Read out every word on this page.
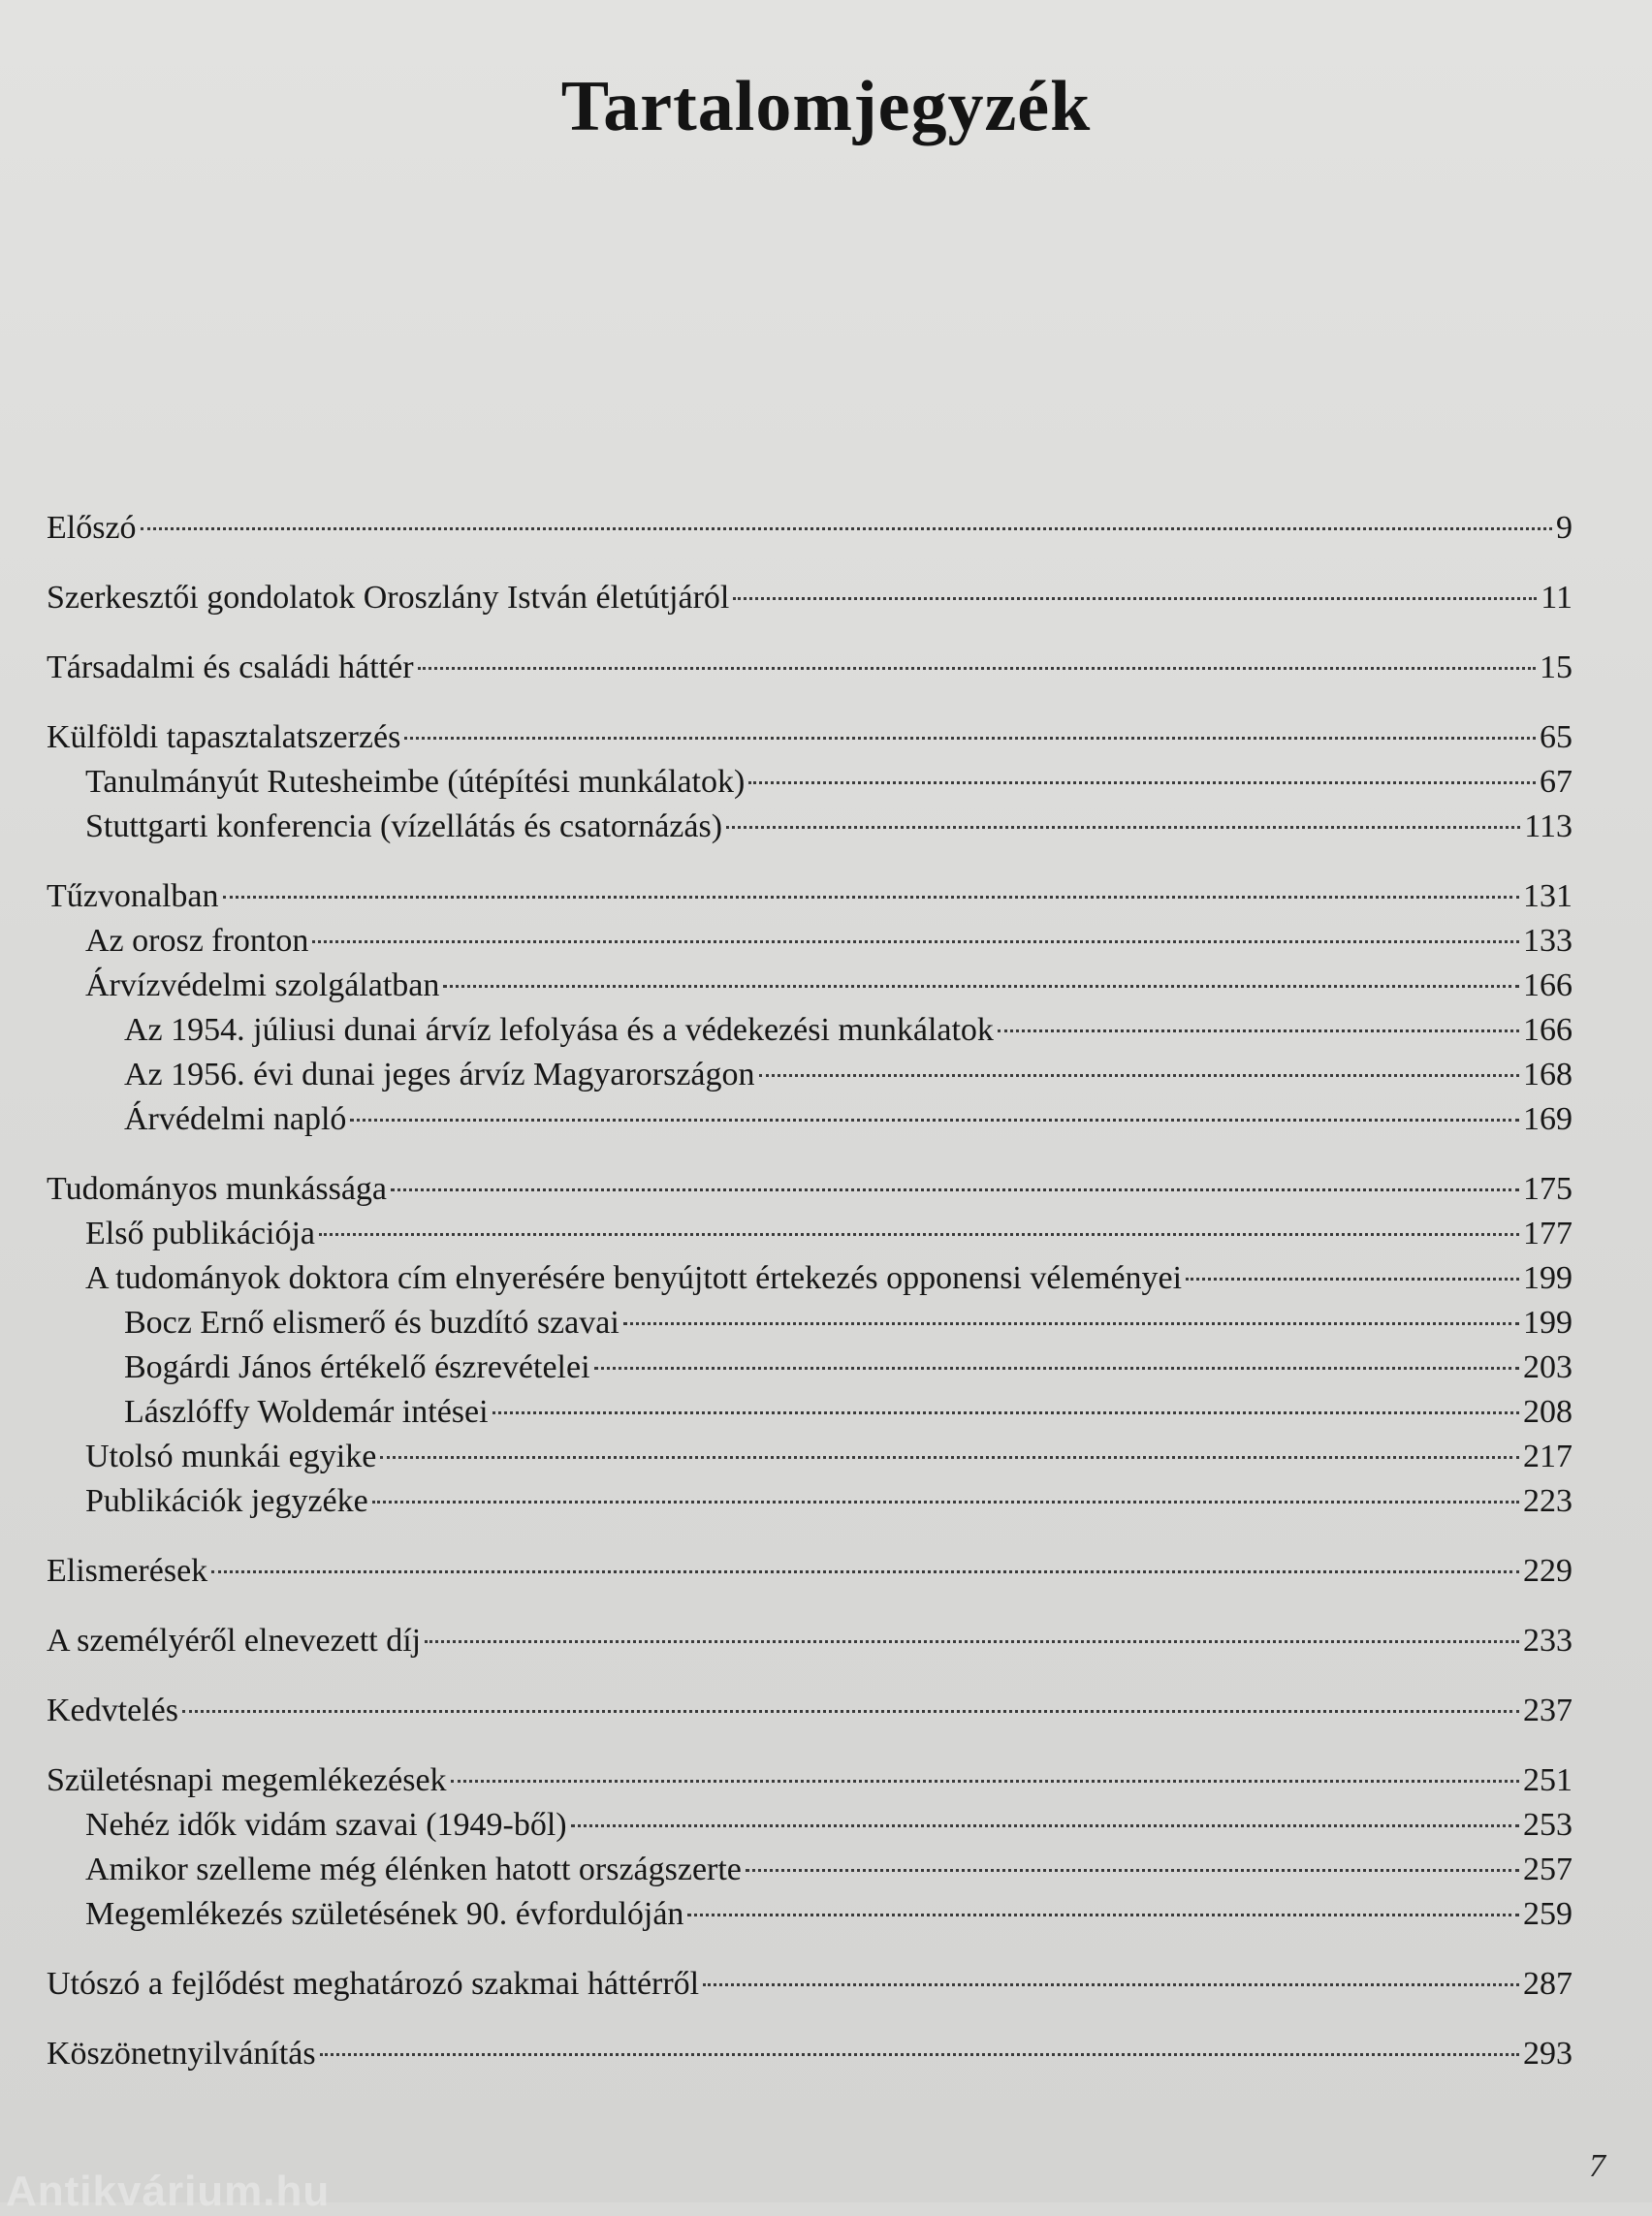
Tartalomjegyzék
Előszó	9
Szerkesztői gondolatok Oroszlány István életútjáról	11
Társadalmi és családi háttér	15
Külföldi tapasztalatszerzés	65
Tanulmányút Rutesheimbe (útépítési munkálatok)	67
Stuttgarti konferencia (vízellátás és csatornázás)	113
Tűzvonalban	131
Az orosz fronton	133
Árvízvédelmi szolgálatban	166
Az 1954. júliusi dunai árvíz lefolyása és a védekezési munkálatok	166
Az 1956. évi dunai jeges árvíz Magyarországon	168
Árvédelmi napló	169
Tudományos munkássága	175
Első publikációja	177
A tudományok doktora cím elnyerésére benyújtott értekezés opponensi véleményei	199
Bocz Ernő elismerő és buzdító szavai	199
Bogárdi János értékelő észrevételei	203
Lászlóffy Woldemár intései	208
Utolsó munkái egyike	217
Publikációk jegyzéke	223
Elismerések	229
A személyéről elnevezett díj	233
Kedvtelés	237
Születésnapi megemlékezések	251
Nehéz idők vidám szavai (1949-ből)	253
Amikor szelleme még élénken hatott országszerte	257
Megemlékezés születésének 90. évfordulóján	259
Utószó a fejlődést meghatározó szakmai háttérről	287
Köszönetnyilvánítás	293
7
Antikvárium.hu
